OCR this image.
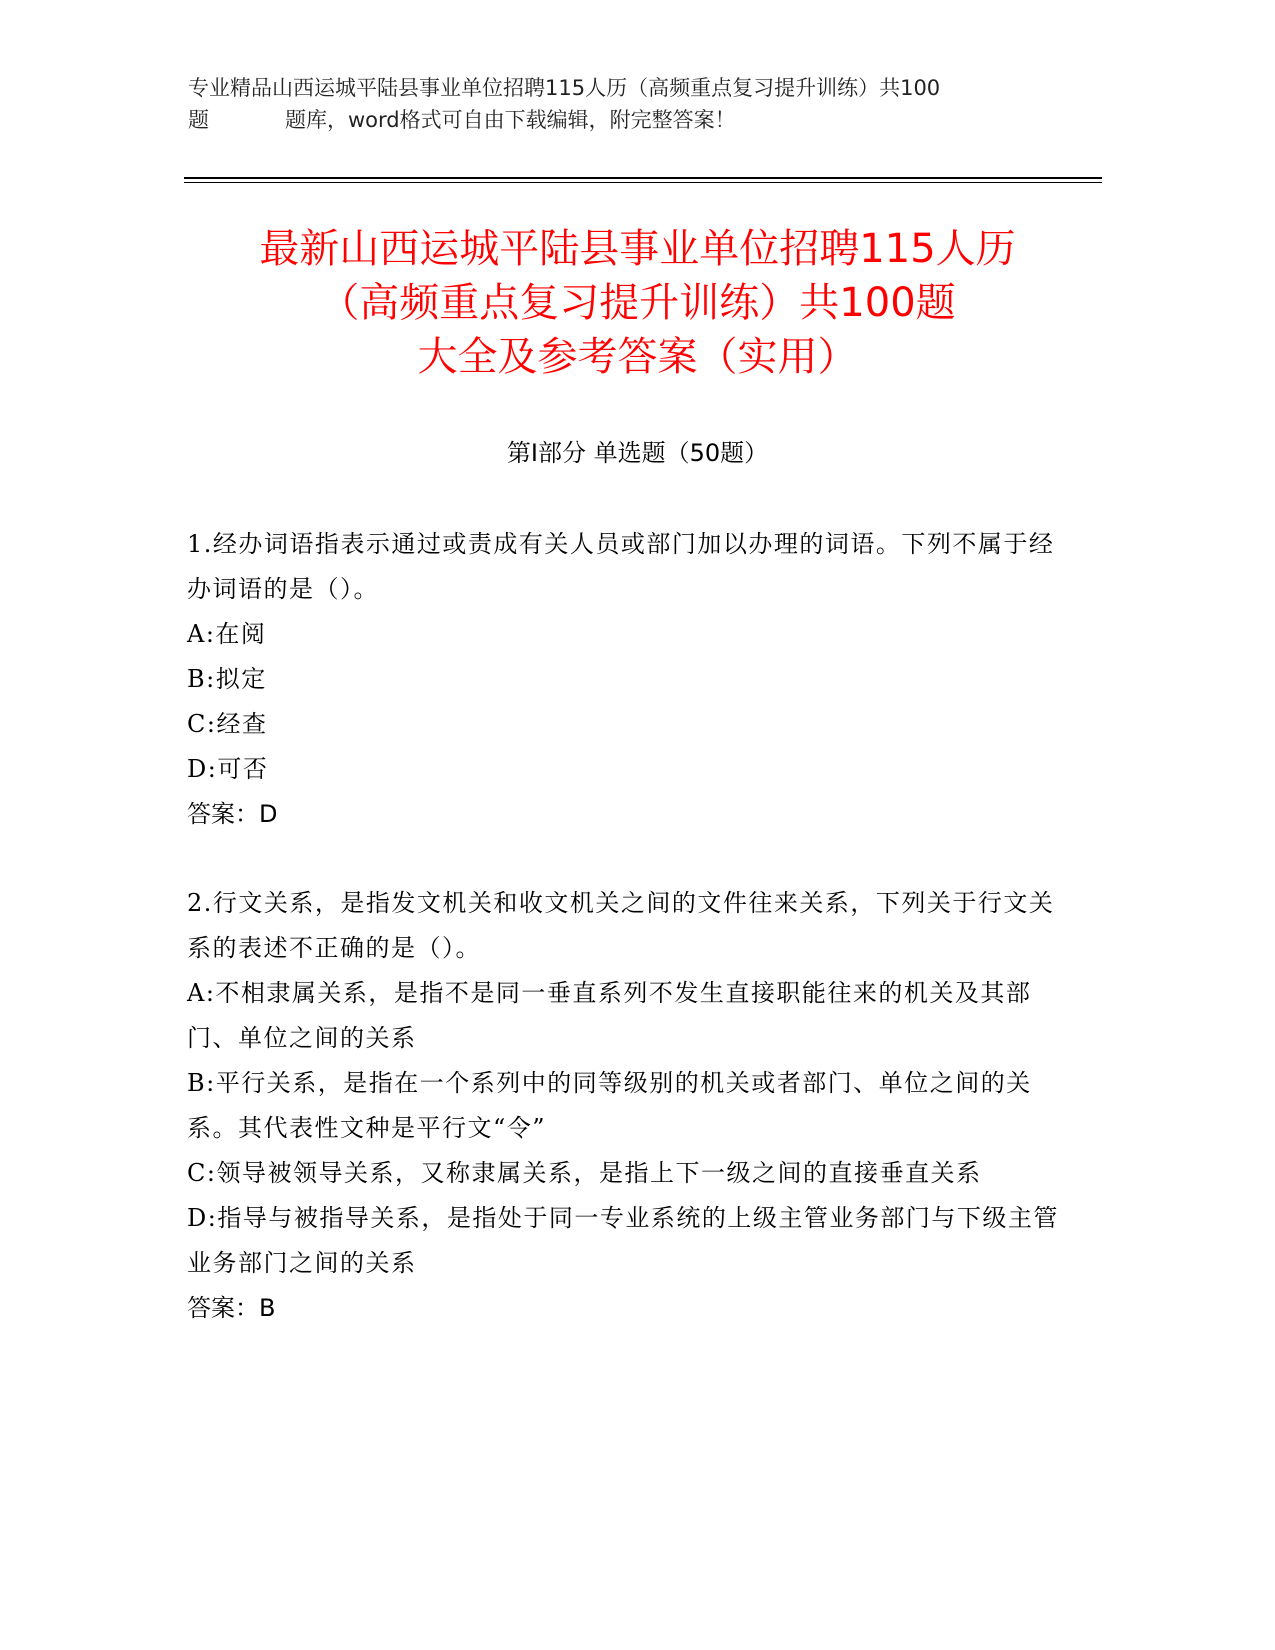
专业精品山西运城平陆县事业单位招聘115人历（高频重点复习提升训练）共100
题	题库，word格式可自由下载编辑，附完整答案！
最新山西运城平陆县事业单位招聘115人历
（高频重点复习提升训练）共100题
大全及参考答案（实用）
第Ⅰ部分 单选题（50题）

1.经办词语指表示通过或责成有关人员或部门加以办理的词语。下列不属于经办词语的是（）。

A:在阅

B:拟定

C:经查

D:可否

答案：D

2.行文关系，是指发文机关和收文机关之间的文件往来关系，下列关于行文关系的表述不正确的是（）。

A:不相隶属关系，是指不是同一垂直系列不发生直接职能往来的机关及其部门、单位之间的关系

B:平行关系，是指在一个系列中的同等级别的机关或者部门、单位之间的关系。其代表性文种是平行文“令”

C:领导被领导关系，又称隶属关系，是指上下一级之间的直接垂直关系

D:指导与被指导关系，是指处于同一专业系统的上级主管业务部门与下级主管业务部门之间的关系

答案：B
